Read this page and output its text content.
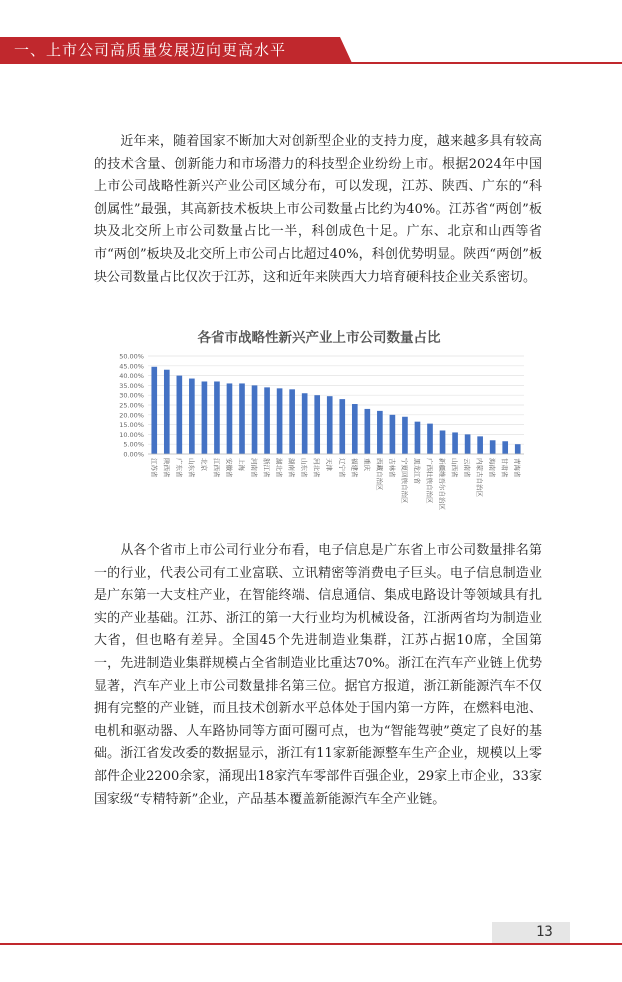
一、上市公司高质量发展迈向更高水平

　　近年来，随着国家不断加大对创新型企业的支持力度，越来越多具有较高的技术含量、创新能力和市场潜力的科技型企业纷纷上市。根据2024年中国上市公司战略性新兴产业公司区域分布，可以发现，江苏、陕西、广东的“科创属性”最强，其高新技术板块上市公司数量占比约为40%。江苏省“两创”板块及北交所上市公司数量占比一半，科创成色十足。广东、北京和山西等省市“两创”板块及北交所上市公司占比超过40%，科创优势明显。陕西“两创”板块公司数量占比仅次于江苏，这和近年来陕西大力培育硬科技企业关系密切。

各省市战略性新兴产业上市公司数量占比
50.00%
45.00%
40.00%
35.00%
30.00%
25.00%
20.00%
15.00%
10.00%
5.00%
0.00%
江苏省 陕西省 广东省 山东省 北京 江西省 安徽省 上海 河南省 浙江省 湖北省 湖南省 山东省 河北省 天津 辽宁省 福建省 重庆 西藏自治区 吉林省 宁夏回族自治区 黑龙江省 广西壮族自治区 新疆维吾尔自治区 山西省 云南省 内蒙古自治区 海南省 甘肃省 青海省

　　从各个省市上市公司行业分布看，电子信息是广东省上市公司数量排名第一的行业，代表公司有工业富联、立讯精密等消费电子巨头。电子信息制造业是广东第一大支柱产业，在智能终端、信息通信、集成电路设计等领域具有扎实的产业基础。江苏、浙江的第一大行业均为机械设备，江浙两省均为制造业大省，但也略有差异。全国45个先进制造业集群，江苏占据10席，全国第一，先进制造业集群规模占全省制造业比重达70%。浙江在汽车产业链上优势显著，汽车产业上市公司数量排名第三位。据官方报道，浙江新能源汽车不仅拥有完整的产业链，而且技术创新水平总体处于国内第一方阵，在燃料电池、电机和驱动器、人车路协同等方面可圈可点，也为“智能驾驶”奠定了良好的基础。浙江省发改委的数据显示，浙江有11家新能源整车生产企业，规模以上零部件企业2200余家，涌现出18家汽车零部件百强企业，29家上市企业，33家国家级“专精特新”企业，产品基本覆盖新能源汽车全产业链。

13
